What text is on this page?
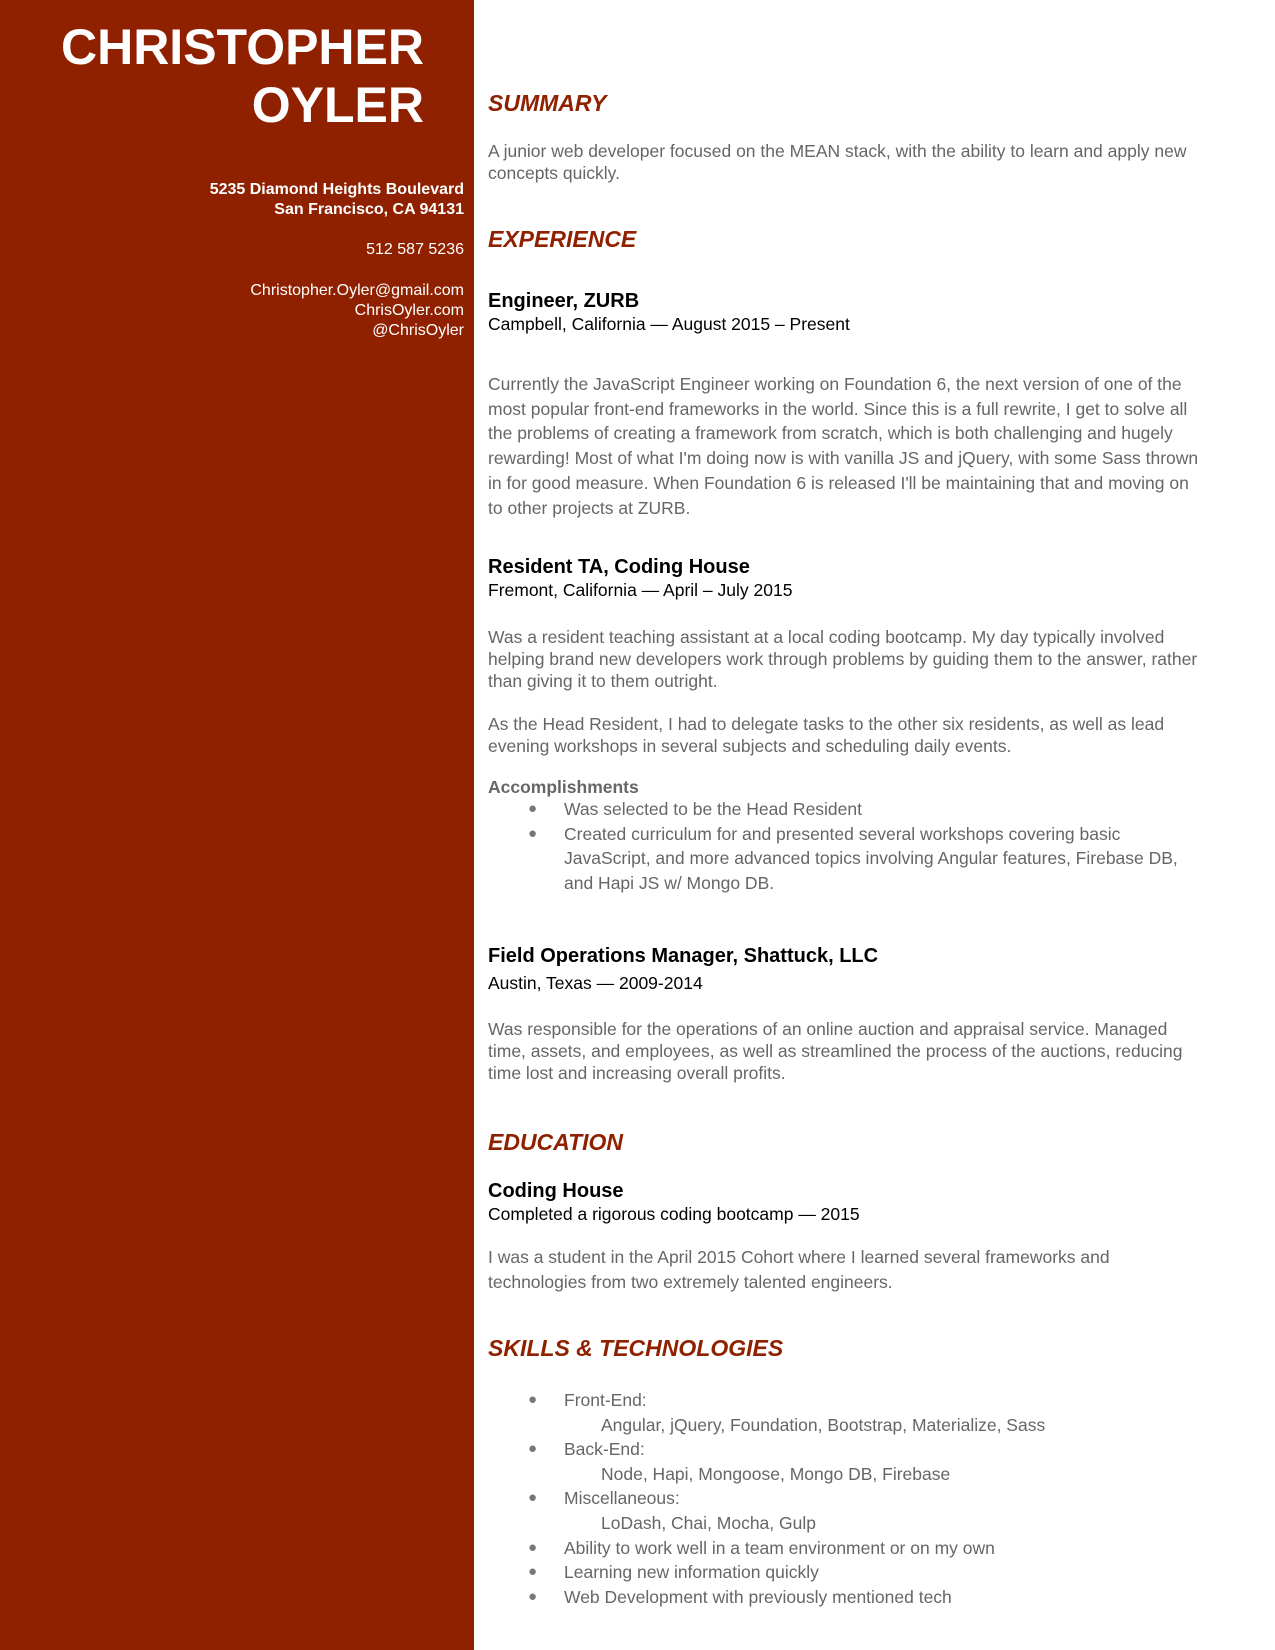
CHRISTOPHER
OYLER
5235 Diamond Heights Boulevard
San Francisco, CA 94131
512 587 5236
Christopher.Oyler@gmail.com
ChrisOyler.com
@ChrisOyler
SUMMARY

A junior web developer focused on the MEAN stack, with the ability to learn and apply new concepts quickly.

EXPERIENCE
Engineer, ZURB

Campbell, California — August 2015 – Present

Currently the JavaScript Engineer working on Foundation 6, the next version of one of the most popular front-end frameworks in the world. Since this is a full rewrite, I get to solve all the problems of creating a framework from scratch, which is both challenging and hugely rewarding! Most of what I'm doing now is with vanilla JS and jQuery, with some Sass thrown in for good measure. When Foundation 6 is released I'll be maintaining that and moving on to other projects at ZURB.

Resident TA, Coding House

Fremont, California — April – July 2015

Was a resident teaching assistant at a local coding bootcamp. My day typically involved helping brand new developers work through problems by guiding them to the answer, rather than giving it to them outright.

As the Head Resident, I had to delegate tasks to the other six residents, as well as lead evening workshops in several subjects and scheduling daily events.

Accomplishments

● Was selected to be the Head Resident
● Created curriculum for and presented several workshops covering basic JavaScript, and more advanced topics involving Angular features, Firebase DB, and Hapi JS w/ Mongo DB.
Field Operations Manager, Shattuck, LLC

Austin, Texas — 2009-2014

Was responsible for the operations of an online auction and appraisal service. Managed time, assets, and employees, as well as streamlined the process of the auctions, reducing time lost and increasing overall profits.

EDUCATION
Coding House

Completed a rigorous coding bootcamp — 2015

I was a student in the April 2015 Cohort where I learned several frameworks and technologies from two extremely talented engineers.

SKILLS & TECHNOLOGIES
● Front-End:
Angular, jQuery, Foundation, Bootstrap, Materialize, Sass
● Back-End:
Node, Hapi, Mongoose, Mongo DB, Firebase
● Miscellaneous:
LoDash, Chai, Mocha, Gulp
● Ability to work well in a team environment or on my own
● Learning new information quickly
● Web Development with previously mentioned tech
